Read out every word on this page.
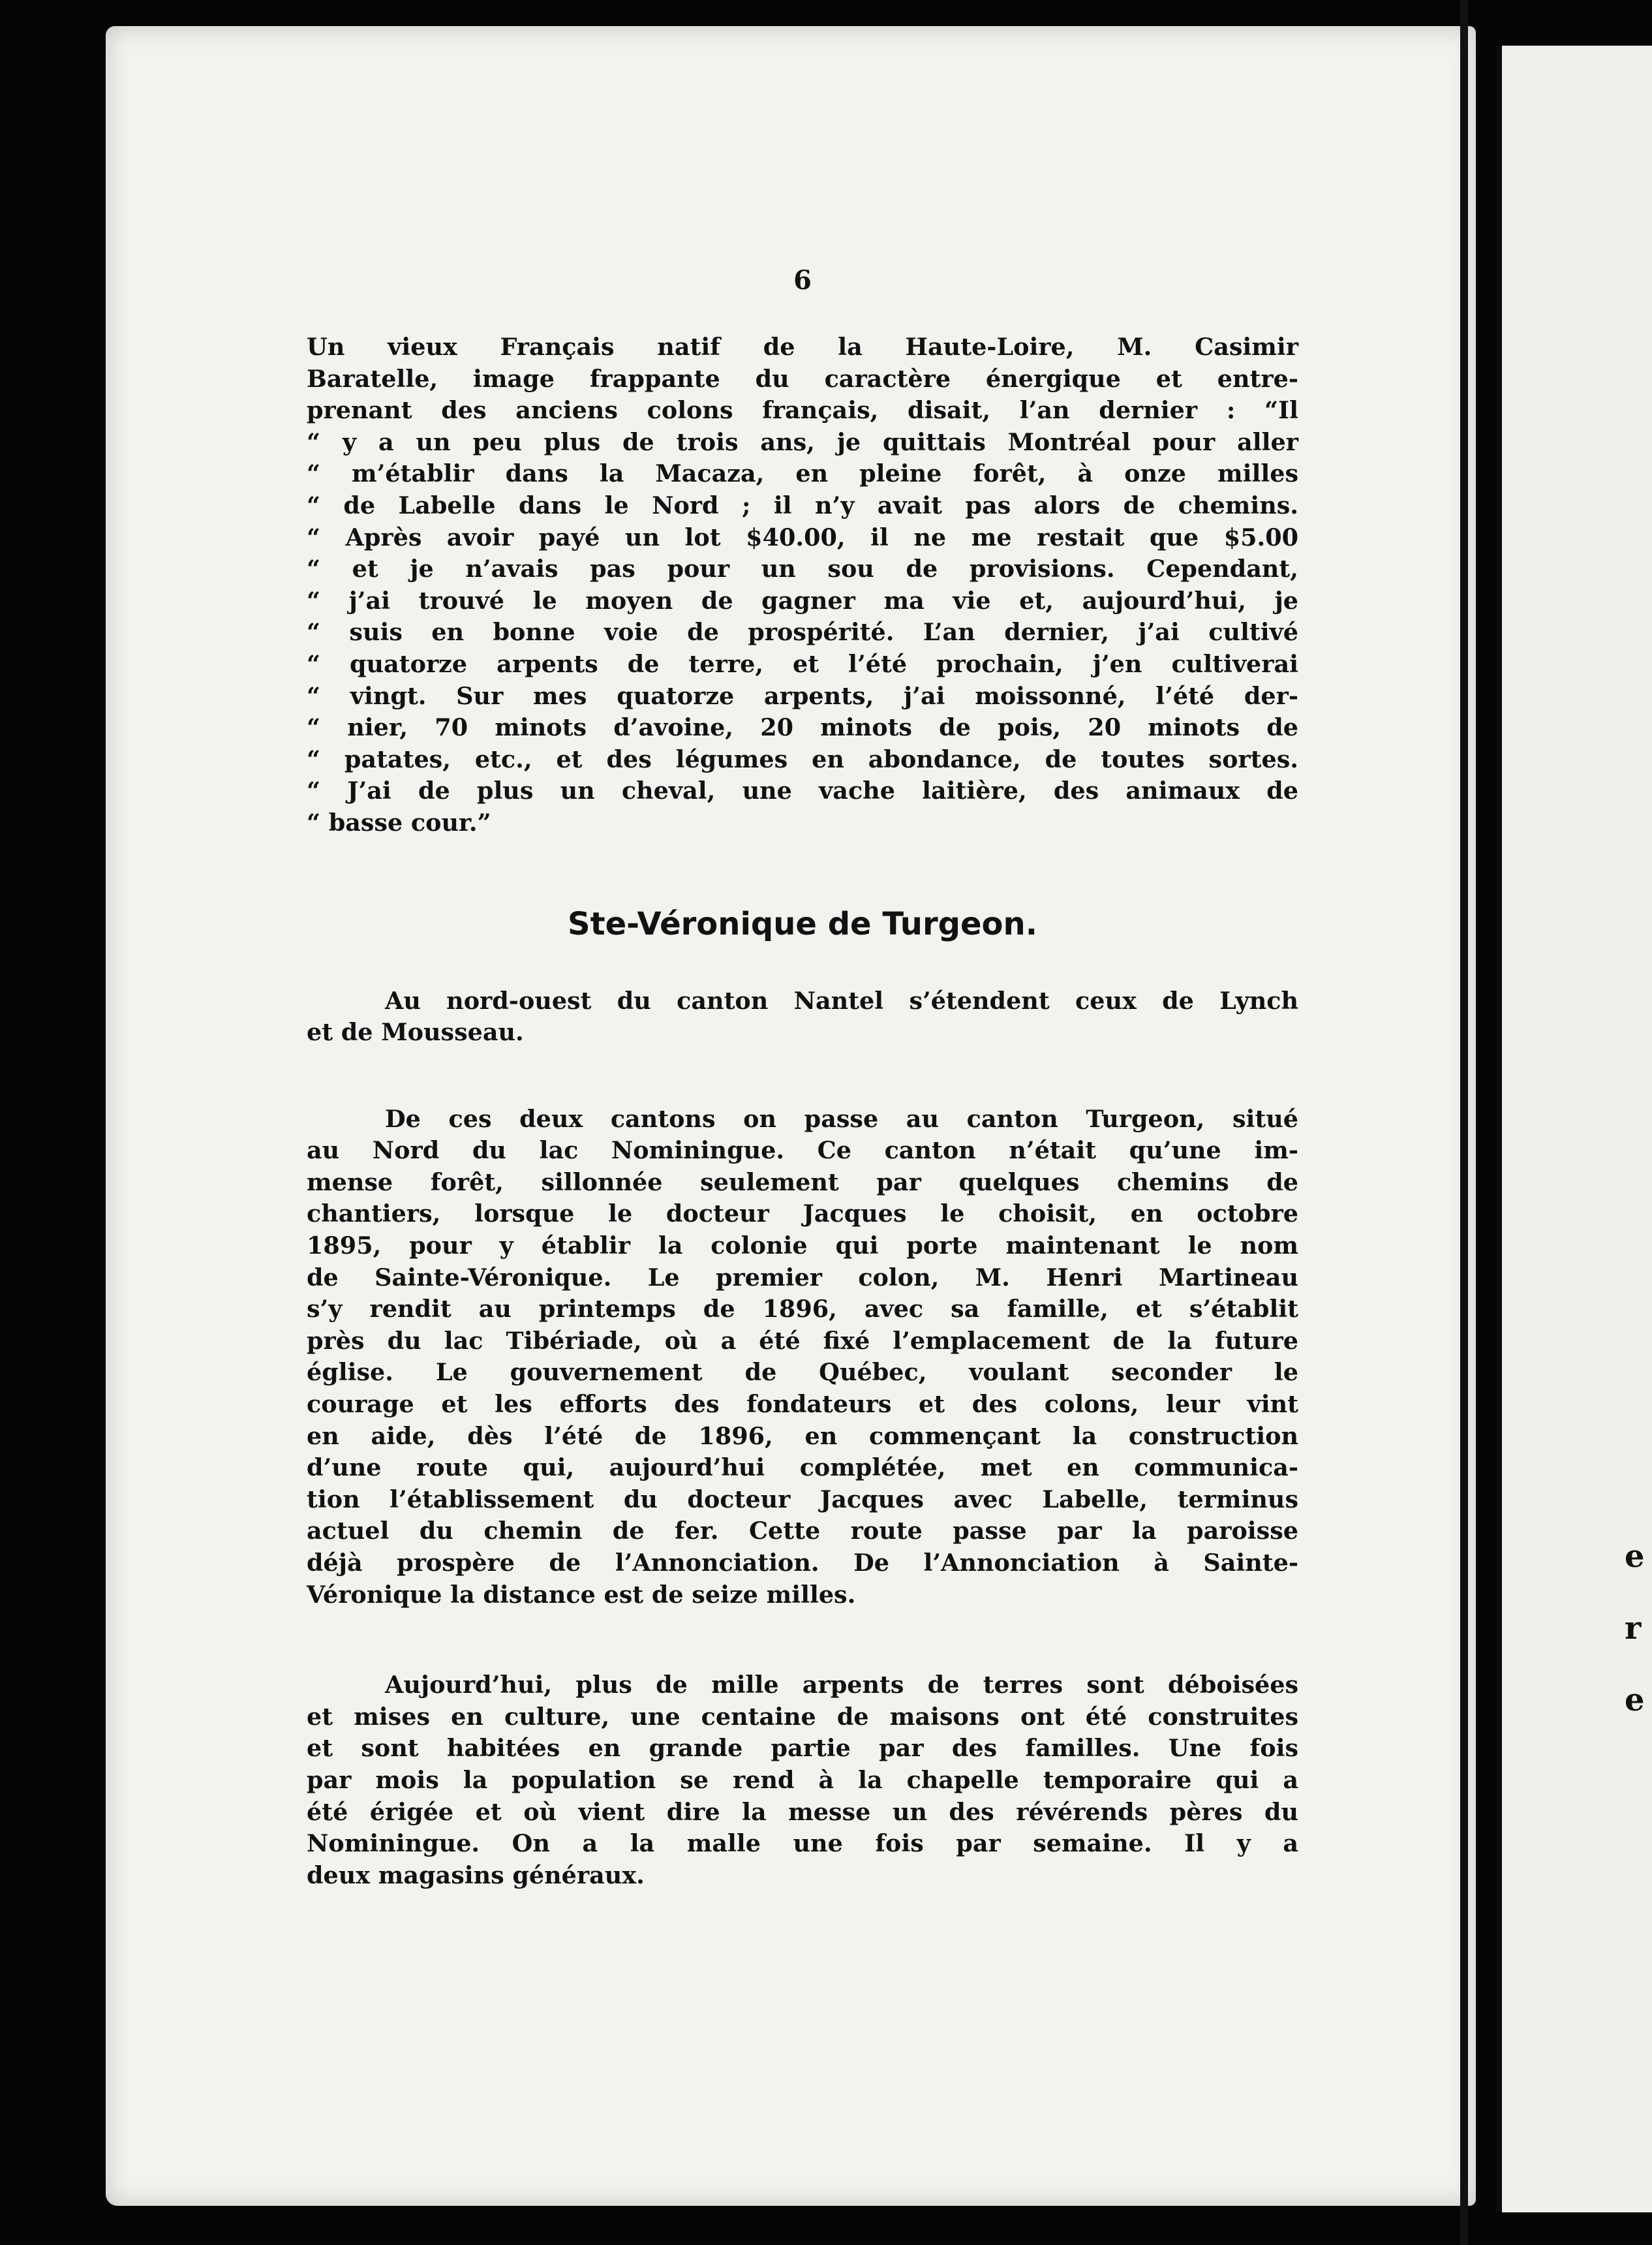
e
r
e
6

Un vieux Français natif de la Haute-Loire, M. Casimir
Baratelle, image frappante du caractère énergique et entre-
prenant des anciens colons français, disait, l’an dernier : “Il
“ y a un peu plus de trois ans, je quittais Montréal pour aller
“ m’établir dans la Macaza, en pleine forêt, à onze milles
“ de Labelle dans le Nord ; il n’y avait pas alors de chemins.
“ Après avoir payé un lot $40.00, il ne me restait que $5.00
“ et je n’avais pas pour un sou de provisions. Cependant,
“ j’ai trouvé le moyen de gagner ma vie et, aujourd’hui, je
“ suis en bonne voie de prospérité. L’an dernier, j’ai cultivé
“ quatorze arpents de terre, et l’été prochain, j’en cultiverai
“ vingt. Sur mes quatorze arpents, j’ai moissonné, l’été der-
“ nier, 70 minots d’avoine, 20 minots de pois, 20 minots de
“ patates, etc., et des légumes en abondance, de toutes sortes.
“ J’ai de plus un cheval, une vache laitière, des animaux de
“ basse cour.”

Ste-Véronique de Turgeon.

Au nord-ouest du canton Nantel s’étendent ceux de Lynch
et de Mousseau.

De ces deux cantons on passe au canton Turgeon, situé
au Nord du lac Nominingue. Ce canton n’était qu’une im-
mense forêt, sillonnée seulement par quelques chemins de
chantiers, lorsque le docteur Jacques le choisit, en octobre
1895, pour y établir la colonie qui porte maintenant le nom
de Sainte-Véronique. Le premier colon, M. Henri Martineau
s’y rendit au printemps de 1896, avec sa famille, et s’établit
près du lac Tibériade, où a été fixé l’emplacement de la future
église. Le gouvernement de Québec, voulant seconder le
courage et les efforts des fondateurs et des colons, leur vint
en aide, dès l’été de 1896, en commençant la construction
d’une route qui, aujourd’hui complétée, met en communica-
tion l’établissement du docteur Jacques avec Labelle, terminus
actuel du chemin de fer. Cette route passe par la paroisse
déjà prospère de l’Annonciation. De l’Annonciation à Sainte-
Véronique la distance est de seize milles.

Aujourd’hui, plus de mille arpents de terres sont déboisées
et mises en culture, une centaine de maisons ont été construites
et sont habitées en grande partie par des familles. Une fois
par mois la population se rend à la chapelle temporaire qui a
été érigée et où vient dire la messe un des révérends pères du
Nominingue. On a la malle une fois par semaine. Il y a
deux magasins généraux.
